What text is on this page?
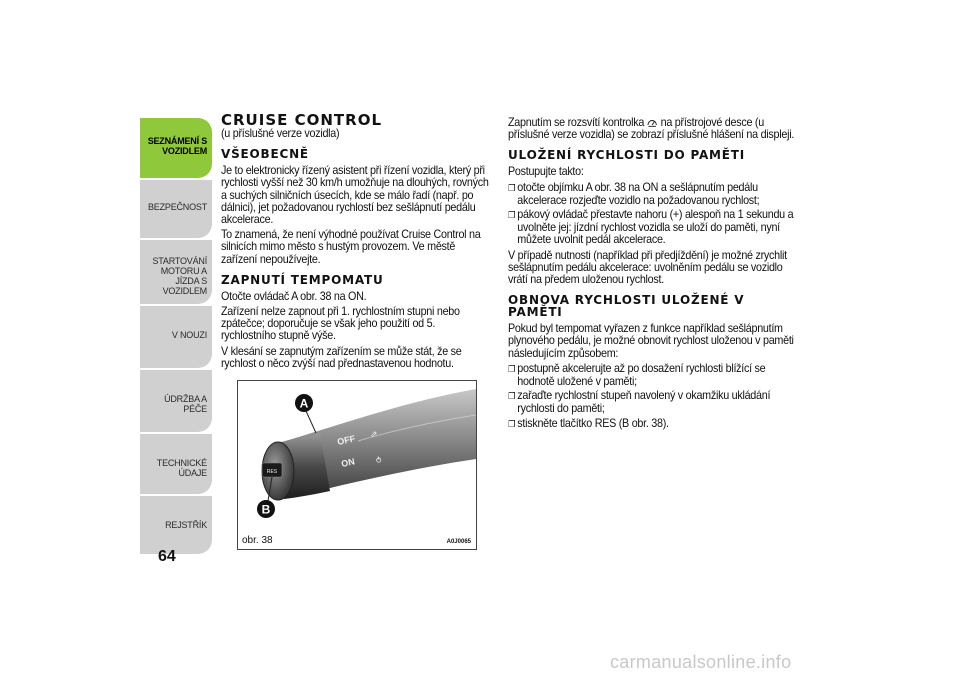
SEZNÁMENÍ S VOZIDLEM
BEZPEČNOST
STARTOVÁNÍ MOTORU A JÍZDA S VOZIDLEM
V NOUZI
ÚDRŽBA A PÉČE
TECHNICKÉ ÚDAJE
REJSTŘÍK
64
CRUISE CONTROL

(u příslušné verze vozidla)

VŠEOBECNĚ

Je to elektronicky řízený asistent při řízení vozidla, který při rychlosti vyšší než 30 km/h umožňuje na dlouhých, rovných a suchých silničních úsecích, kde se málo řadí (např. po dálnici), jet požadovanou rychlostí bez sešlápnutí pedálu akcelerace.

To znamená, že není výhodné používat Cruise Control na silnicích mimo město s hustým provozem. Ve městě zařízení nepoužívejte.

ZAPNUTÍ TEMPOMATU

Otočte ovládač A obr. 38 na ON.

Zařízení nelze zapnout při 1. rychlostním stupni nebo zpátečce; doporučuje se však jeho použití od 5. rychlostního stupně výše.

V klesání se zapnutým zařízením se může stát, že se rychlost o něco zvýší nad přednastavenou hodnotu.

RES
OFF
ON
⇗
⥁
A
B
obr. 38	A0J0065

Zapnutím se rozsvítí kontrolka na přístrojové desce (u příslušné verze vozidla) se zobrazí příslušné hlášení na displeji.

ULOŽENÍ RYCHLOSTI DO PAMĚTI

Postupujte takto:

❒ otočte objímku A obr. 38 na ON a sešlápnutím pedálu akcelerace rozjeďte vozidlo na požadovanou rychlost;
❒ pákový ovládač přestavte nahoru (+) alespoň na 1 sekundu a uvolněte jej: jízdní rychlost vozidla se uloží do paměti, nyní můžete uvolnit pedál akcelerace.

V případě nutnosti (například při předjíždění) je možné zrychlit sešlápnutím pedálu akcelerace: uvolněním pedálu se vozidlo vrátí na předem uloženou rychlost.

OBNOVA RYCHLOSTI ULOŽENÉ V PAMĚTI

Pokud byl tempomat vyřazen z funkce například sešlápnutím plynového pedálu, je možné obnovit rychlost uloženou v paměti následujícím způsobem:

❒ postupně akcelerujte až po dosažení rychlosti blížící se hodnotě uložené v paměti;
❒ zařaďte rychlostní stupeň navolený v okamžiku ukládání rychlosti do paměti;
❒ stiskněte tlačítko RES (B obr. 38).
carmanualsonline.info
